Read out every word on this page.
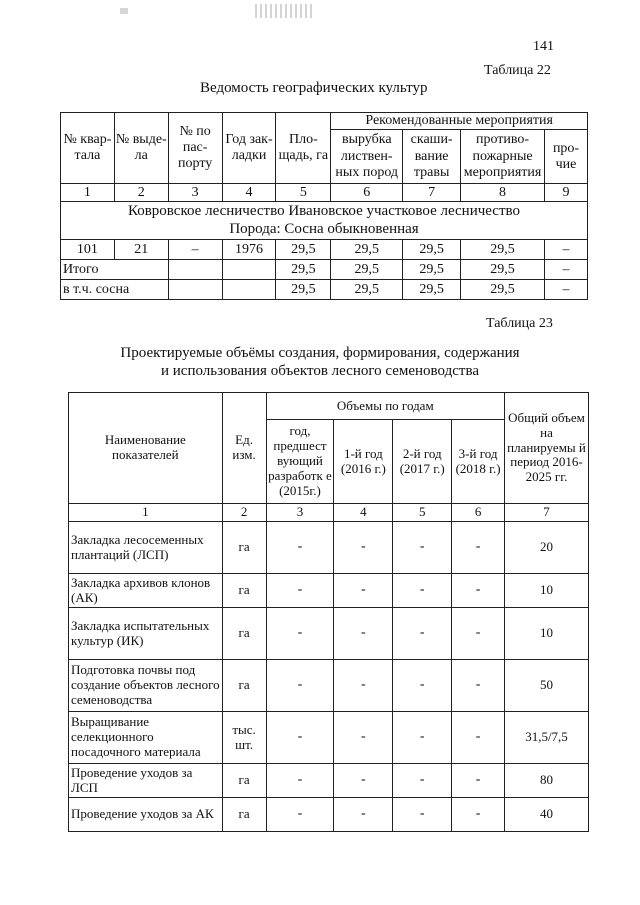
141
Таблица 22
Ведомость географических культур
№ квар-тала	№ выде-ла	№ по пас-порту	Год зак-ладки	Пло-щадь, га	Рекомендованные мероприятия			
					вырубка листвен-ных пород	скаши-вание травы	противо-пожарные мероприятия	про-чие
1	2	3	4	5	6	7	8	9

Ковровское лесничество Ивановское участковое лесничество
Порода: Сосна обыкновенная								

101	21	–	1976	29,5	29,5	29,5	29,5	–
Итого				29,5	29,5	29,5	29,5	–
в т.ч. сосна				29,5	29,5	29,5	29,5	–
Таблица 23
Проектируемые объёмы создания, формирования, содержания
и использования объектов лесного семеноводства
Наименование показателей	Ед. изм.	Объемы по годам				Общий объем на планируемы й период 2016-2025 гг.
		год, предшест вующий разработк е (2015г.)	1-й год (2016 г.)	2-й год (2017 г.)	3-й год (2018 г.)	
1	2	3	4	5	6	7
Закладка лесосеменных плантаций (ЛСП)	га	-	-	-	-	20
Закладка архивов клонов (АК)	га	-	-	-	-	10
Закладка испытательных культур (ИК)	га	-	-	-	-	10
Подготовка почвы под создание объектов лесного семеноводства	га	-	-	-	-	50
Выращивание селекционного посадочного материала	тыс. шт.	-	-	-	-	31,5/7,5
Проведение уходов за ЛСП	га	-	-	-	-	80
Проведение уходов за АК	га	-	-	-	-	40
